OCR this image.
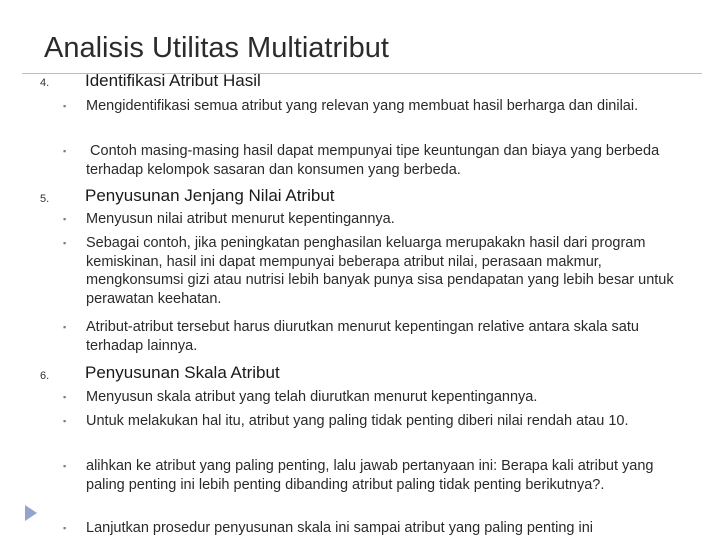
Analisis Utilitas Multiatribut
4. Identifikasi Atribut Hasil
▪ Mengidentifikasi semua atribut yang relevan yang membuat hasil berharga dan dinilai.
▪ Contoh masing-masing hasil dapat mempunyai tipe keuntungan dan biaya yang berbeda terhadap kelompok sasaran dan konsumen yang berbeda.
5. Penyusunan Jenjang Nilai Atribut
▪ Menyusun nilai atribut menurut kepentingannya.
▪ Sebagai contoh, jika peningkatan penghasilan keluarga merupakakn hasil dari program kemiskinan, hasil ini dapat mempunyai beberapa atribut nilai, perasaan makmur, mengkonsumsi gizi atau nutrisi lebih banyak punya sisa pendapatan yang lebih besar untuk perawatan keehatan.
▪ Atribut-atribut tersebut harus diurutkan menurut kepentingan relative antara skala satu terhadap lainnya.
6. Penyusunan Skala Atribut
▪ Menyusun skala atribut yang telah diurutkan menurut kepentingannya.
▪ Untuk melakukan hal itu, atribut yang paling tidak penting diberi nilai rendah atau 10.
▪ alihkan ke atribut yang paling penting, lalu jawab pertanyaan ini: Berapa kali atribut yang paling penting ini lebih penting dibanding atribut paling tidak penting berikutnya?.
▪ Lanjutkan prosedur penyusunan skala ini sampai atribut yang paling penting ini
